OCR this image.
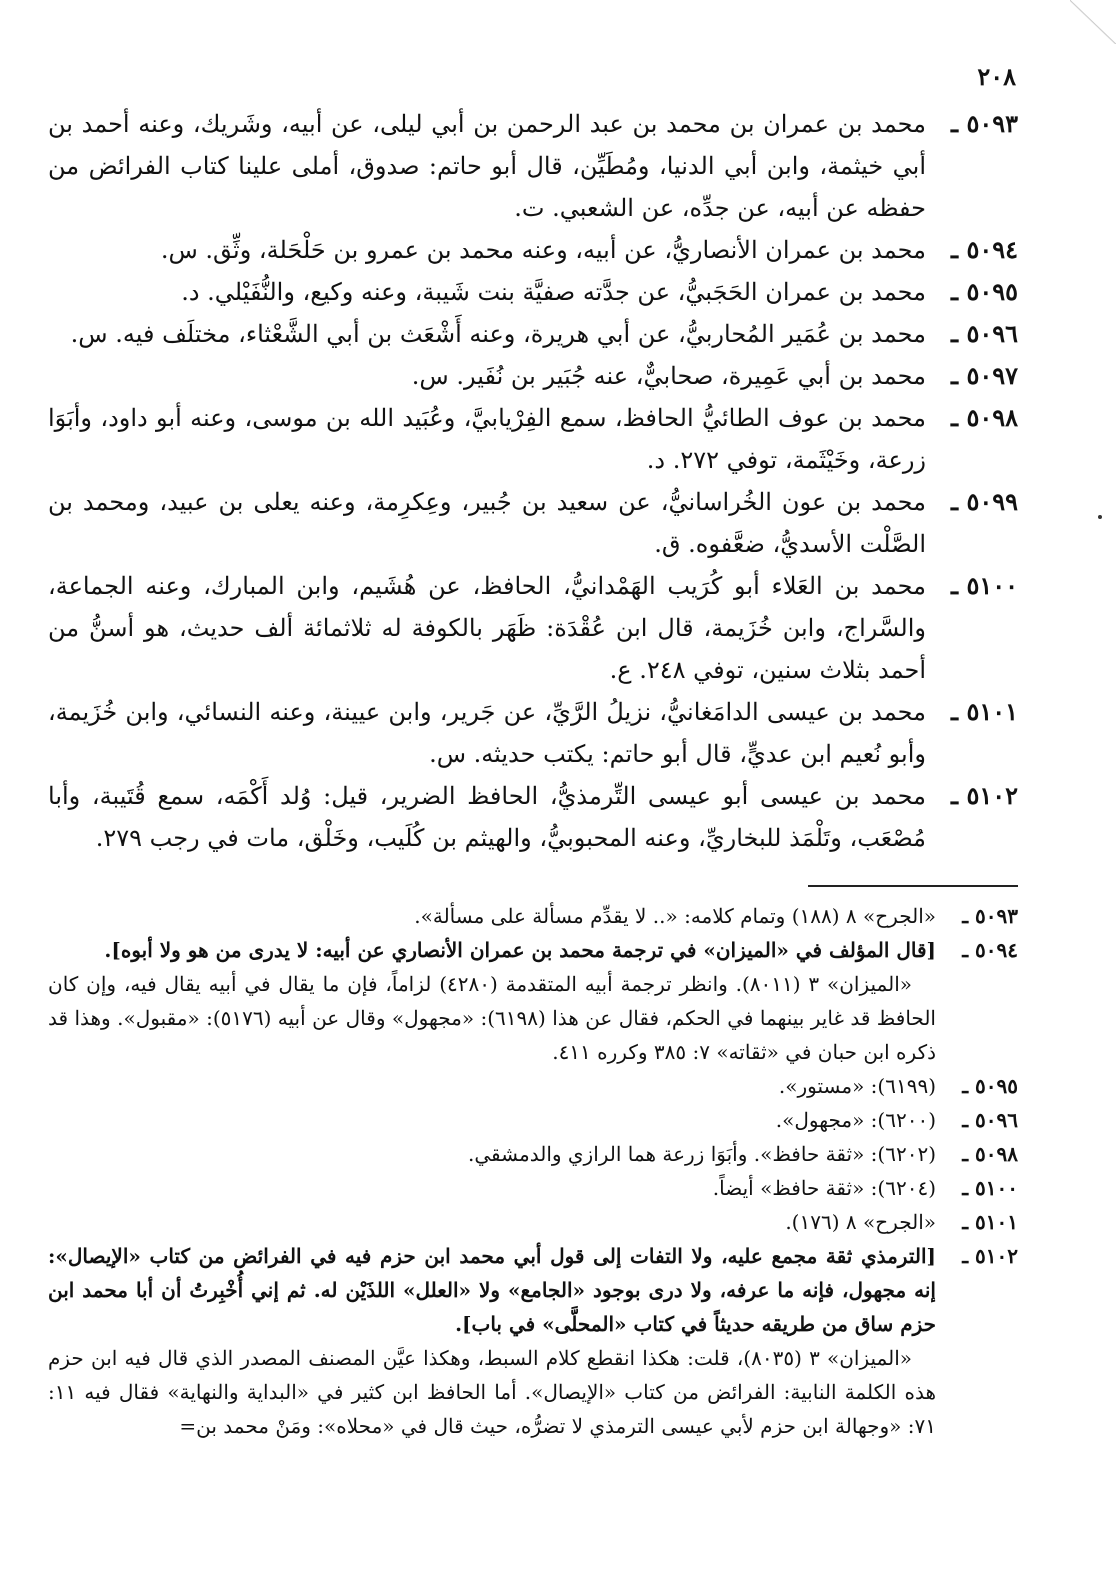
٢٠٨
٥٠٩٣ ـ
محمد بن عمران بن محمد بن عبد الرحمن بن أبي ليلى، عن أبيه، وشَريك، وعنه أحمد بن أبي خيثمة، وابن أبي الدنيا، ومُطَيِّن، قال أبو حاتم: صدوق، أملى علينا كتاب الفرائض من حفظه عن أبيه، عن جدِّه، عن الشعبي. ت.
٥٠٩٤ ـ
محمد بن عمران الأنصاريُّ، عن أبيه، وعنه محمد بن عمرو بن حَلْحَلة، وثِّق. س.
٥٠٩٥ ـ
محمد بن عمران الحَجَبيُّ، عن جدَّته صفيَّة بنت شَيبة، وعنه وكيع، والنُّفَيْلي. د.
٥٠٩٦ ـ
محمد بن عُمَير المُحاربيُّ، عن أبي هريرة، وعنه أَشْعَث بن أبي الشَّعْثاء، مختلَف فيه. س.
٥٠٩٧ ـ
محمد بن أبي عَمِيرة، صحابيٌّ، عنه جُبَير بن نُفَير. س.
٥٠٩٨ ـ
محمد بن عوف الطائيُّ الحافظ، سمع الفِرْيابيَّ، وعُبَيد الله بن موسى، وعنه أبو داود، وأبَوَا زرعة، وخَيْثَمة، توفي ٢٧٢. د.
٥٠٩٩ ـ
محمد بن عون الخُراسانيُّ، عن سعيد بن جُبير، وعِكرِمة، وعنه يعلى بن عبيد، ومحمد بن الصَّلْت الأسديُّ، ضعَّفوه. ق.
٥١٠٠ ـ
محمد بن العَلاء أبو كُرَيب الهَمْدانيُّ، الحافظ، عن هُشَيم، وابن المبارك، وعنه الجماعة، والسَّراج، وابن خُزَيمة، قال ابن عُقْدَة: ظَهَر بالكوفة له ثلاثمائة ألف حديث، هو أسنُّ من أحمد بثلاث سنين، توفي ٢٤٨. ع.
٥١٠١ ـ
محمد بن عيسى الدامَغانيُّ، نزيلُ الرَّيِّ، عن جَرير، وابن عيينة، وعنه النسائي، وابن خُزَيمة، وأبو نُعيم ابن عديٍّ، قال أبو حاتم: يكتب حديثه. س.
٥١٠٢ ـ
محمد بن عيسى أبو عيسى التِّرمذيُّ، الحافظ الضرير، قيل: وُلد أَكْمَه، سمع قُتَيبة، وأبا مُصْعَب، وتَلْمَذ للبخاريِّ، وعنه المحبوبيُّ، والهيثم بن كُلَيب، وخَلْق، مات في رجب ٢٧٩.
٥٠٩٣ ـ
«الجرح» ٨ (١٨٨) وتمام كلامه: «.. لا يقدِّم مسألة على مسألة».
٥٠٩٤ ـ
[قال المؤلف في «الميزان» في ترجمة محمد بن عمران الأنصاري عن أبيه: لا يدرى من هو ولا أبوه].
«الميزان» ٣ (٨٠١١). وانظر ترجمة أبيه المتقدمة (٤٢٨٠) لزاماً، فإن ما يقال في أبيه يقال فيه، وإن كان الحافظ قد غاير بينهما في الحكم، فقال عن هذا (٦١٩٨): «مجهول» وقال عن أبيه (٥١٧٦): «مقبول». وهذا قد ذكره ابن حبان في «ثقاته» ٧: ٣٨٥ وكرره ٤١١.
٥٠٩٥ ـ
(٦١٩٩): «مستور».
٥٠٩٦ ـ
(٦٢٠٠): «مجهول».
٥٠٩٨ ـ
(٦٢٠٢): «ثقة حافظ». وأبَوَا زرعة هما الرازي والدمشقي.
٥١٠٠ ـ
(٦٢٠٤): «ثقة حافظ» أيضاً.
٥١٠١ ـ
«الجرح» ٨ (١٧٦).
٥١٠٢ ـ
[الترمذي ثقة مجمع عليه، ولا التفات إلى قول أبي محمد ابن حزم فيه في الفرائض من كتاب «الإيصال»: إنه مجهول، فإنه ما عرفه، ولا درى بوجود «الجامع» ولا «العلل» اللذَيْن له. ثم إني أُخْبِرتُ أن أبا محمد ابن حزم ساق من طريقه حديثاً في كتاب «المحلَّى» في باب].
«الميزان» ٣ (٨٠٣٥)، قلت: هكذا انقطع كلام السبط، وهكذا عيَّن المصنف المصدر الذي قال فيه ابن حزم هذه الكلمة النابية: الفرائض من كتاب «الإيصال». أما الحافظ ابن كثير في «البداية والنهاية» فقال فيه ١١: ٧١: «وجهالة ابن حزم لأبي عيسى الترمذي لا تضرُّه، حيث قال في «محلاه»: ومَنْ محمد بن=
